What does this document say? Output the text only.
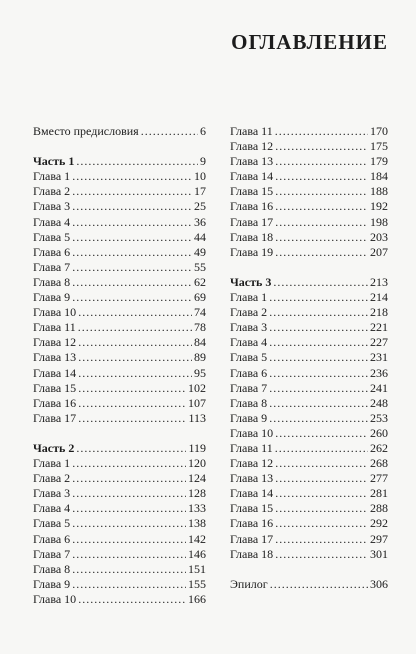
ОГЛАВЛЕНИЕ
Вместо предисловия .....	6
Часть 1 .....	9
Глава 1 .....	10
Глава 2 .....	17
Глава 3 .....	25
Глава 4 .....	36
Глава 5 .....	44
Глава 6 .....	49
Глава 7 .....	55
Глава 8 .....	62
Глава 9 .....	69
Глава 10 .....	74
Глава 11 .....	78
Глава 12 .....	84
Глава 13 .....	89
Глава 14 .....	95
Глава 15 .....	102
Глава 16 .....	107
Глава 17 .....	113
Часть 2 .....	119
Глава 1 .....	120
Глава 2 .....	124
Глава 3 .....	128
Глава 4 .....	133
Глава 5 .....	138
Глава 6 .....	142
Глава 7 .....	146
Глава 8 .....	151
Глава 9 .....	155
Глава 10 .....	166
Глава 11 .....	170
Глава 12 .....	175
Глава 13 .....	179
Глава 14 .....	184
Глава 15 .....	188
Глава 16 .....	192
Глава 17 .....	198
Глава 18 .....	203
Глава 19 .....	207
Часть 3 .....	213
Глава 1 .....	214
Глава 2 .....	218
Глава 3 .....	221
Глава 4 .....	227
Глава 5 .....	231
Глава 6 .....	236
Глава 7 .....	241
Глава 8 .....	248
Глава 9 .....	253
Глава 10 .....	260
Глава 11 .....	262
Глава 12 .....	268
Глава 13 .....	277
Глава 14 .....	281
Глава 15 .....	288
Глава 16 .....	292
Глава 17 .....	297
Глава 18 .....	301
Эпилог .....	306
